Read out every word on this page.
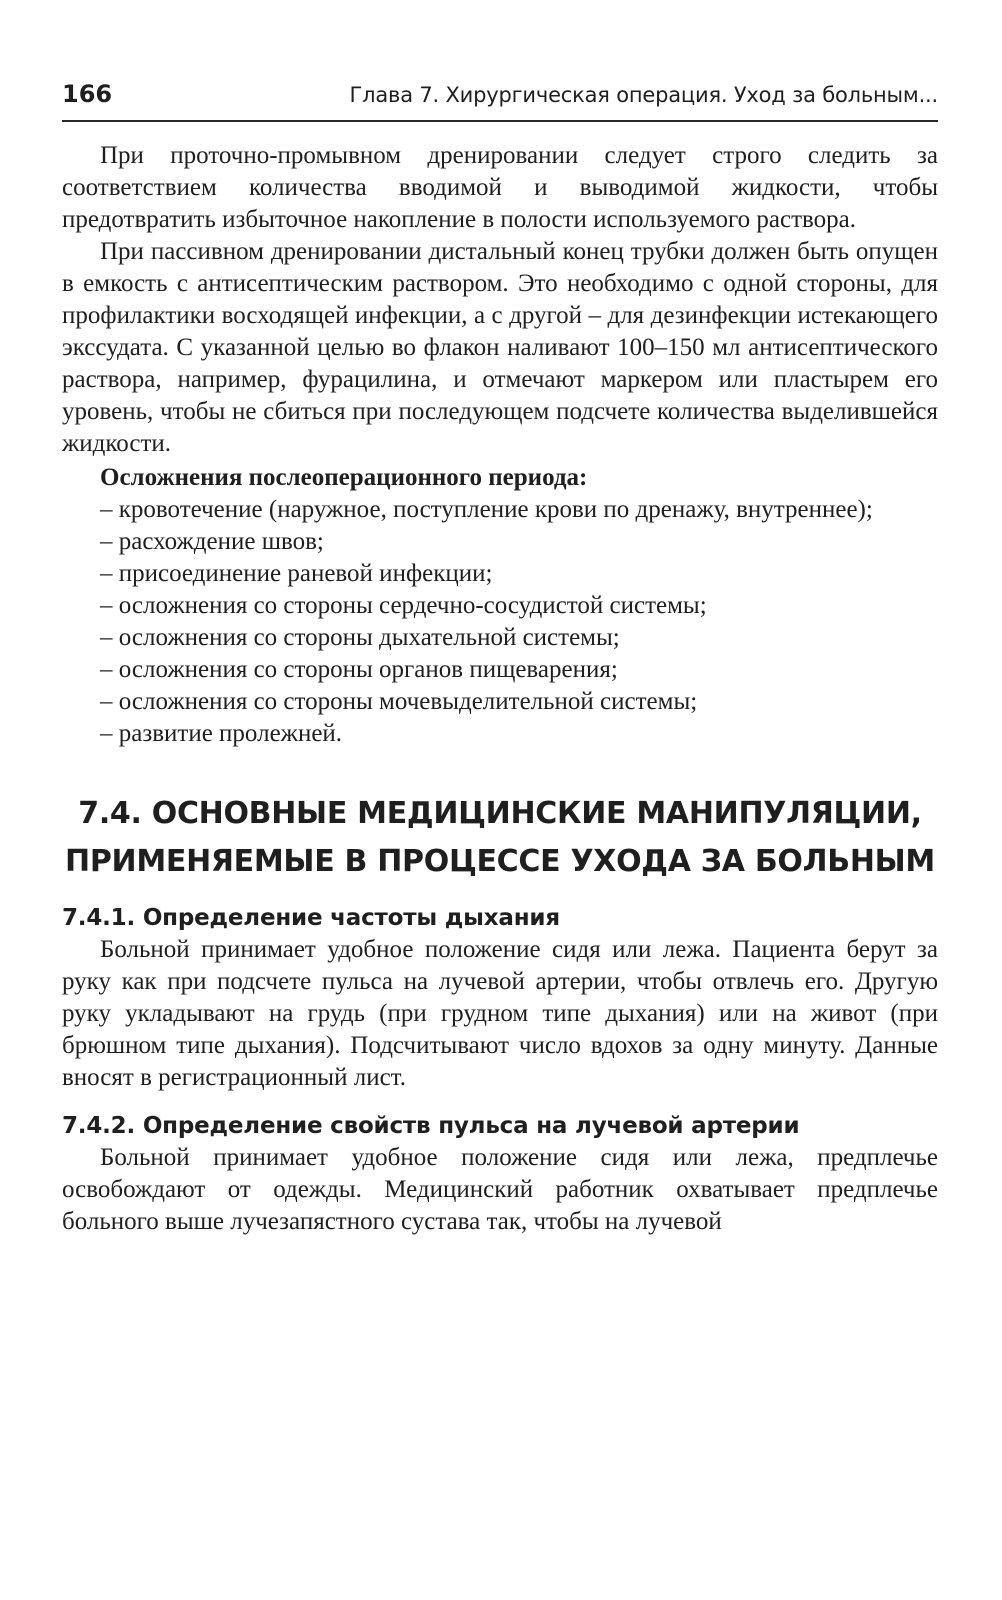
166	Глава 7. Хирургическая операция. Уход за больным...

При проточно-промывном дренировании следует строго следить за соответствием количества вводимой и выводимой жидкости, чтобы предотвратить избыточное накопление в полости используемого раствора.

При пассивном дренировании дистальный конец трубки должен быть опущен в емкость с антисептическим раствором. Это необходимо с одной стороны, для профилактики восходящей инфекции, а с другой – для дезинфекции истекающего экссудата. С указанной целью во флакон наливают 100–150 мл антисептического раствора, например, фурацилина, и отмечают маркером или пластырем его уровень, чтобы не сбиться при последующем подсчете количества выделившейся жидкости.

Осложнения послеоперационного периода:

– кровотечение (наружное, поступление крови по дренажу, внутреннее);
– расхождение швов;
– присоединение раневой инфекции;
– осложнения со стороны сердечно-сосудистой системы;
– осложнения со стороны дыхательной системы;
– осложнения со стороны органов пищеварения;
– осложнения со стороны мочевыделительной системы;
– развитие пролежней.
7.4. ОСНОВНЫЕ МЕДИЦИНСКИЕ МАНИПУЛЯЦИИ,
ПРИМЕНЯЕМЫЕ В ПРОЦЕССЕ УХОДА ЗА БОЛЬНЫМ
7.4.1. Определение частоты дыхания

Больной принимает удобное положение сидя или лежа. Пациента берут за руку как при подсчете пульса на лучевой артерии, чтобы отвлечь его. Другую руку укладывают на грудь (при грудном типе дыхания) или на живот (при брюшном типе дыхания). Подсчитывают число вдохов за одну минуту. Данные вносят в регистрационный лист.

7.4.2. Определение свойств пульса на лучевой артерии

Больной принимает удобное положение сидя или лежа, предплечье освобождают от одежды. Медицинский работник охватывает предплечье больного выше лучезапястного сустава так, чтобы на лучевой
